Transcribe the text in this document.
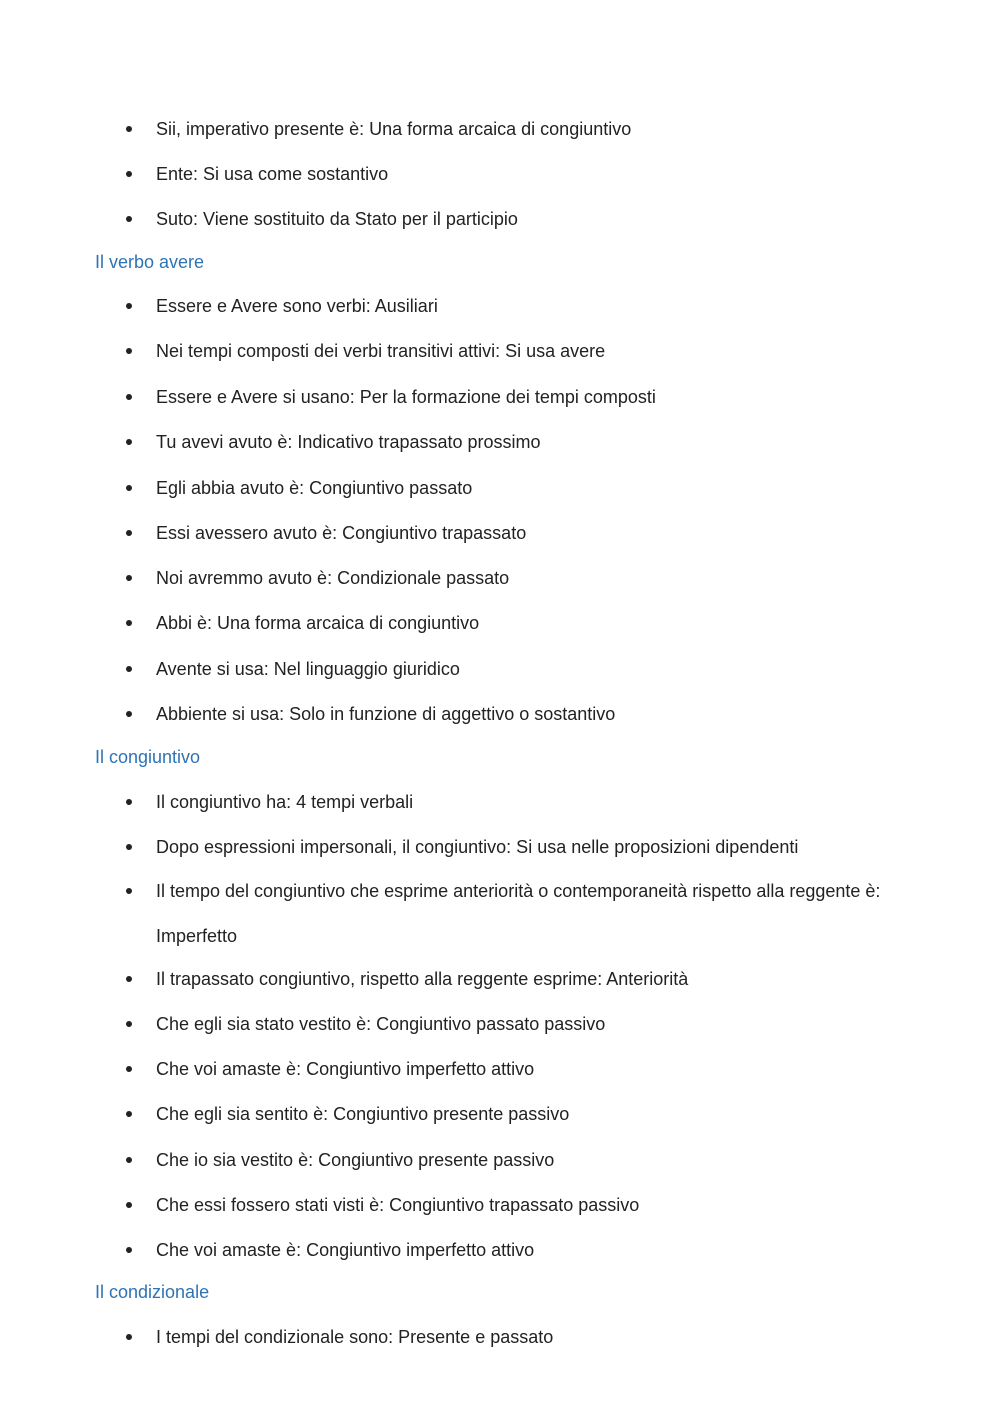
Sii, imperativo presente è: Una forma arcaica di congiuntivo
Ente: Si usa come sostantivo
Suto: Viene sostituito da Stato per il participio
Il verbo avere
Essere e Avere sono verbi: Ausiliari
Nei tempi composti dei verbi transitivi attivi: Si usa avere
Essere e Avere si usano: Per la formazione dei tempi composti
Tu avevi avuto è: Indicativo trapassato prossimo
Egli abbia avuto è: Congiuntivo passato
Essi avessero avuto è: Congiuntivo trapassato
Noi avremmo avuto è: Condizionale passato
Abbi è: Una forma arcaica di congiuntivo
Avente si usa: Nel linguaggio giuridico
Abbiente si usa: Solo in funzione di aggettivo o sostantivo
Il congiuntivo
Il congiuntivo ha: 4 tempi verbali
Dopo espressioni impersonali, il congiuntivo: Si usa nelle proposizioni dipendenti
Il tempo del congiuntivo che esprime anteriorità o contemporaneità rispetto alla reggente è: Imperfetto
Il trapassato congiuntivo, rispetto alla reggente esprime: Anteriorità
Che egli sia stato vestito è: Congiuntivo passato passivo
Che voi amaste è: Congiuntivo imperfetto attivo
Che egli sia sentito è: Congiuntivo presente passivo
Che io sia vestito è: Congiuntivo presente passivo
Che essi fossero stati visti è: Congiuntivo trapassato passivo
Che voi amaste è: Congiuntivo imperfetto attivo
Il condizionale
I tempi del condizionale sono: Presente e passato
